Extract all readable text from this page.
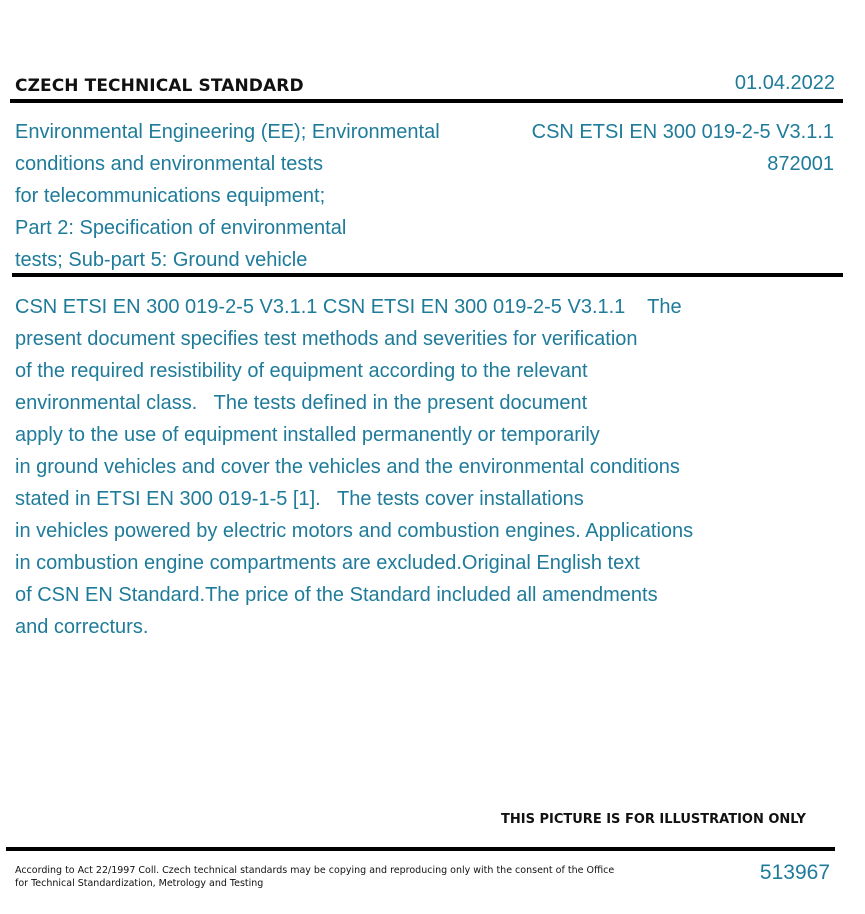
CZECH TECHNICAL STANDARD	01.04.2022
Environmental Engineering (EE); Environmental
conditions and environmental tests
for telecommunications equipment;
Part 2: Specification of environmental
tests; Sub-part 5: Ground vehicle
CSN ETSI EN 300 019-2-5 V3.1.1
872001
CSN ETSI EN 300 019-2-5 V3.1.1 CSN ETSI EN 300 019-2-5 V3.1.1    The
present document specifies test methods and severities for verification
of the required resistibility of equipment according to the relevant
environmental class.   The tests defined in the present document
apply to the use of equipment installed permanently or temporarily
in ground vehicles and cover the vehicles and the environmental conditions
stated in ETSI EN 300 019-1-5 [1].   The tests cover installations
in vehicles powered by electric motors and combustion engines. Applications
in combustion engine compartments are excluded.Original English text
of CSN EN Standard.The price of the Standard included all amendments
and correcturs.
THIS PICTURE IS FOR ILLUSTRATION ONLY
According to Act 22/1997 Coll. Czech technical standards may be copying and reproducing only with the consent of the Office
for Technical Standardization, Metrology and Testing	513967
